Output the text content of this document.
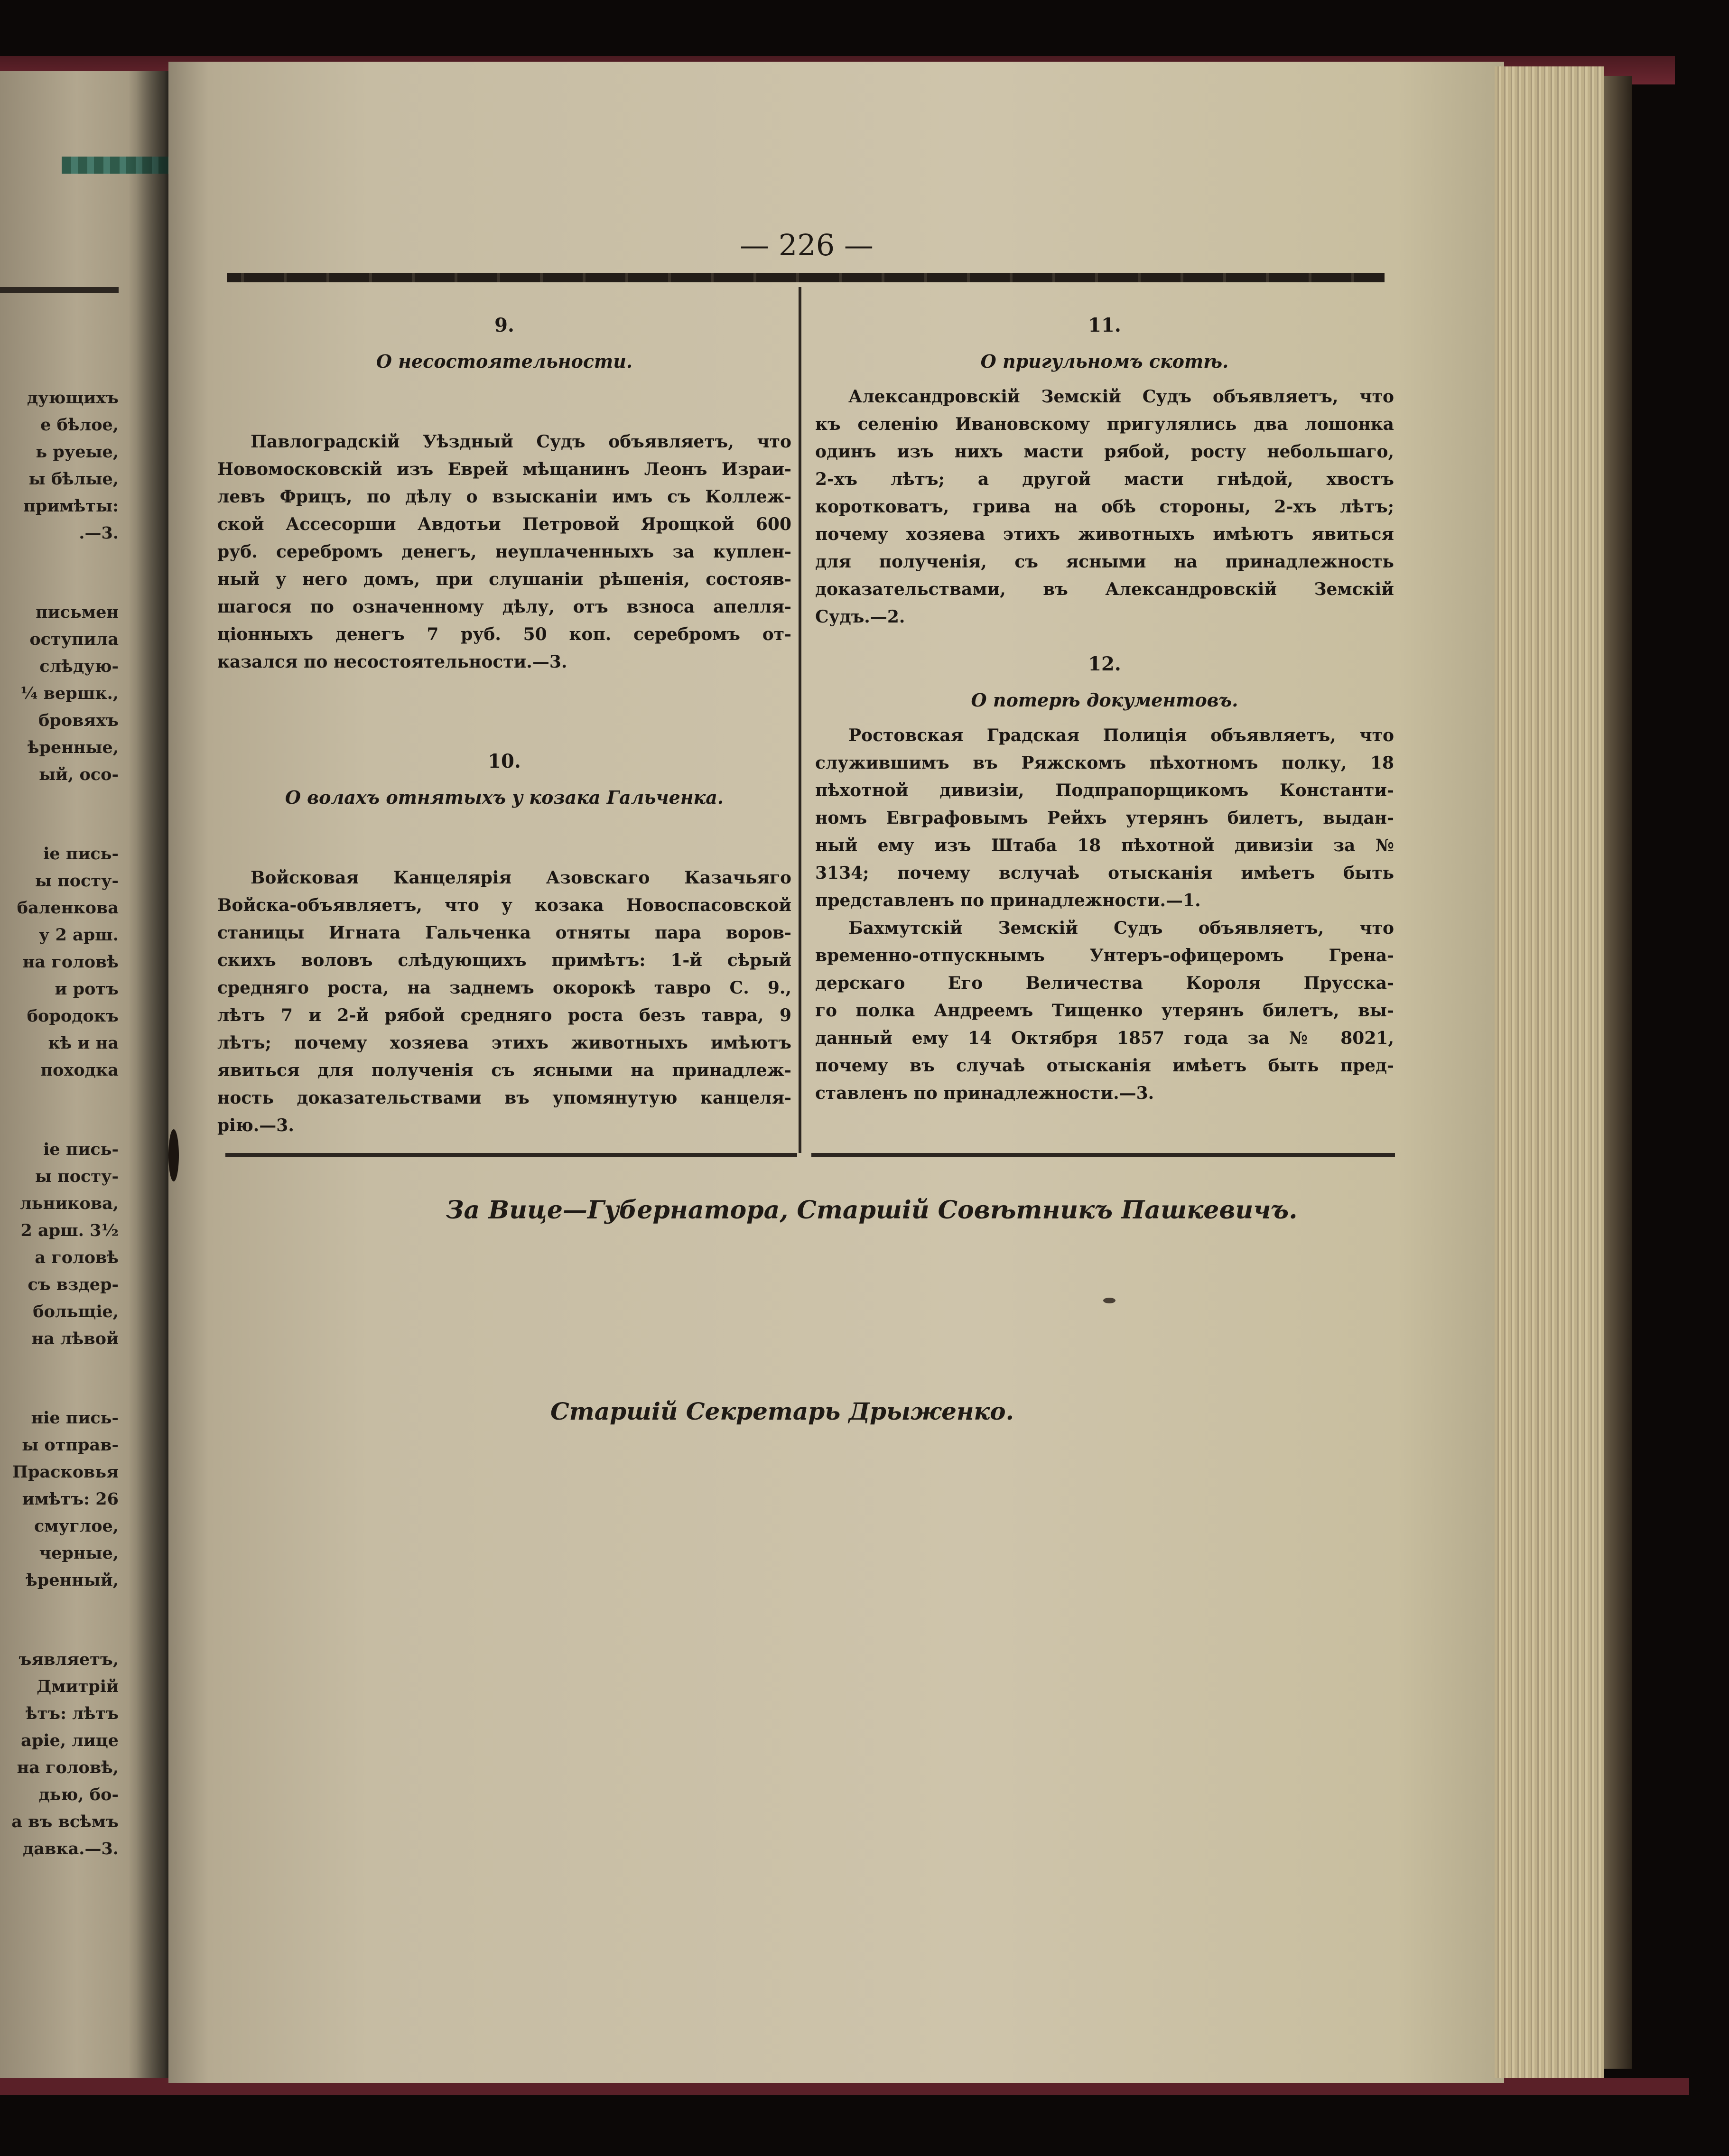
дующихъ
е бѣлое,
ь руеые,
ы бѣлые,
примѣты:
.—3.
письмен
оступила
слѣдую-
¼ вершк.,
бровяхъ
ѣренные,
ый, осо-
іе пись-
ы посту-
баленкова
у 2 арш.
на головѣ
и ротъ
бородокъ
кѣ и на
походка
іе пись-
ы посту-
льникова,
2 арш. 3½
а головѣ
съ вздер-
больщіе,
на лѣвой
ніе пись-
ы отправ-
Прасковья
имѣтъ: 26
смуглое,
черные,
ѣренный,
ъявляетъ,
Дмитрій
ѣтъ: лѣтъ
аріе, лице
на головѣ,
дью, бо-
а въ всѣмъ
давка.—3.
— 226 —
9.
О несостоятельности.
Павлоградскій Уѣздный Судъ объявляетъ, что
Новомосковскій изъ Еврей мѣщанинъ Леонъ Израи-
левъ Фрицъ, по дѣлу о взысканіи имъ съ Коллеж-
ской Ассесорши Авдотьи Петровой Ярощкой 600
руб. серебромъ денегъ, неуплаченныхъ за куплен-
ный у него домъ, при слушаніи рѣшенія, состояв-
шагося по означенному дѣлу, отъ взноса апелля-
ціонныхъ денегъ 7 руб. 50 коп. серебромъ от-
казался по несостоятельности.—3.
10.
О волахъ отнятыхъ у козака Гальченка.
Войсковая Канцелярія Азовскаго Казачьяго
Войска-объявляетъ, что у козака Новоспасовской
станицы Игната Гальченка отняты пара воров-
скихъ воловъ слѣдующихъ примѣтъ: 1-й сѣрый
средняго роста, на заднемъ окорокѣ тавро С. 9.,
лѣтъ 7 и 2-й рябой средняго роста безъ тавра, 9
лѣтъ; почему хозяева этихъ животныхъ имѣютъ
явиться для полученія съ ясными на принадлеж-
ность доказательствами въ упомянутую канцеля-
рію.—3.
11.
О пригульномъ скотѣ.
Александровскій Земскій Судъ объявляетъ, что
къ селенію Ивановскому пригулялись два лошонка
одинъ изъ нихъ масти рябой, росту небольшаго,
2-хъ лѣтъ; а другой масти гнѣдой, хвостъ
коротковатъ, грива на обѣ стороны, 2-хъ лѣтъ;
почему хозяева этихъ животныхъ имѣютъ явиться
для полученія, съ ясными на принадлежность
доказательствами, въ Александровскій Земскій
Судъ.—2.
12.
О потерѣ документовъ.
Ростовская Градская Полиція объявляетъ, что
служившимъ въ Ряжскомъ пѣхотномъ полку, 18
пѣхотной дивизіи, Подпрапорщикомъ Константи-
номъ Евграфовымъ Рейхъ утерянъ билетъ, выдан-
ный ему изъ Штаба 18 пѣхотной дивизіи за №
3134; почему вслучаѣ отысканія имѣетъ быть
представленъ по принадлежности.—1.
Бахмутскій Земскій Судъ объявляетъ, что
временно-отпускнымъ Унтеръ-офицеромъ Грена-
дерскаго Его Величества Короля Прусска-
го полка Андреемъ Тищенко утерянъ билетъ, вы-
данный ему 14 Октября 1857 года за № 8021,
почему въ случаѣ отысканія имѣетъ быть пред-
ставленъ по принадлежности.—3.
За Вице—Губернатора, Старшій Совѣтникъ Пашкевичъ.
Старшій Секретарь Дрыженко.
